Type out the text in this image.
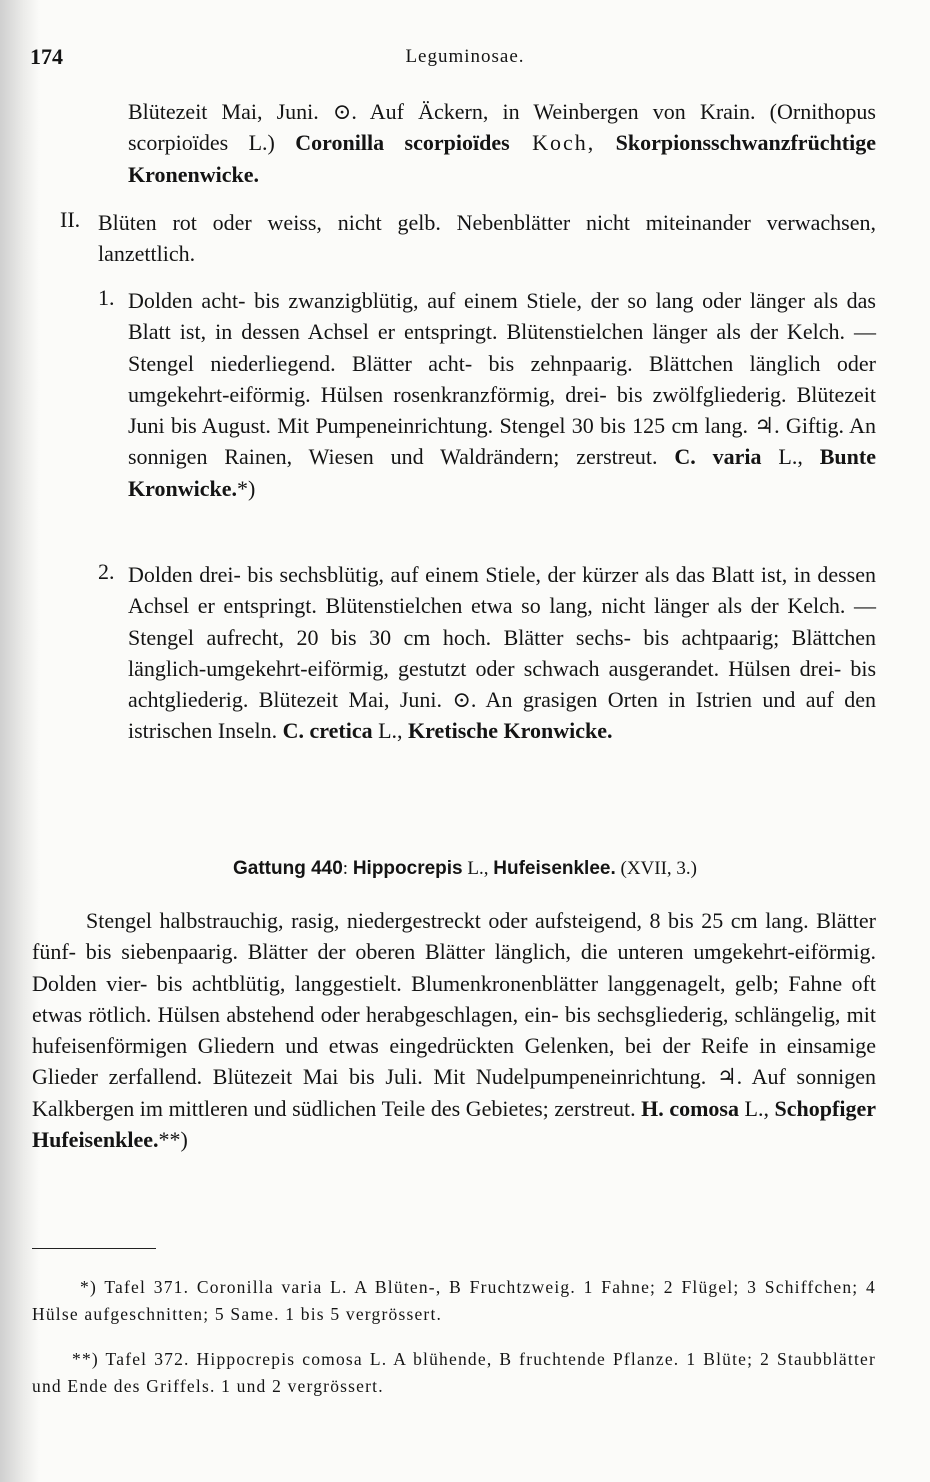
174	Leguminosae.

Blütezeit Mai, Juni. ⊙. Auf Äckern, in Weinbergen von Krain. (Ornithopus scorpioïdes L.) Coronilla scorpioïdes Koch, Skorpionsschwanzfrüchtige Kronenwicke.

II. Blüten rot oder weiss, nicht gelb. Nebenblätter nicht miteinander verwachsen, lanzettlich.

1. Dolden acht- bis zwanzigblütig, auf einem Stiele, der so lang oder länger als das Blatt ist, in dessen Achsel er entspringt. Blütenstielchen länger als der Kelch. — Stengel niederliegend. Blätter acht- bis zehnpaarig. Blättchen länglich oder umgekehrt-eiförmig. Hülsen rosenkranzförmig, drei- bis zwölfgliederig. Blütezeit Juni bis August. Mit Pumpeneinrichtung. Stengel 30 bis 125 cm lang. ♃. Giftig. An sonnigen Rainen, Wiesen und Waldrändern; zerstreut. C. varia L., Bunte Kronwicke.*)

2. Dolden drei- bis sechsblütig, auf einem Stiele, der kürzer als das Blatt ist, in dessen Achsel er entspringt. Blütenstielchen etwa so lang, nicht länger als der Kelch. — Stengel aufrecht, 20 bis 30 cm hoch. Blätter sechs- bis achtpaarig; Blättchen länglich-umgekehrt-eiförmig, gestutzt oder schwach ausgerandet. Hülsen drei- bis achtgliederig. Blütezeit Mai, Juni. ⊙. An grasigen Orten in Istrien und auf den istrischen Inseln. C. cretica L., Kretische Kronwicke.

Gattung 440: Hippocrepis L., Hufeisenklee. (XVII, 3.)

Stengel halbstrauchig, rasig, niedergestreckt oder aufsteigend, 8 bis 25 cm lang. Blätter fünf- bis siebenpaarig. Blätter der oberen Blätter länglich, die unteren umgekehrt-eiförmig. Dolden vier- bis achtblütig, langgestielt. Blumenkronenblätter langgenagelt, gelb; Fahne oft etwas rötlich. Hülsen abstehend oder herabgeschlagen, ein- bis sechsgliederig, schlängelig, mit hufeisenförmigen Gliedern und etwas eingedrückten Gelenken, bei der Reife in einsamige Glieder zerfallend. Blütezeit Mai bis Juli. Mit Nudelpumpeneinrichtung. ♃. Auf sonnigen Kalkbergen im mittleren und südlichen Teile des Gebietes; zerstreut. H. comosa L., Schopfiger Hufeisenklee.**)

*) Tafel 371. Coronilla varia L. A Blüten-, B Fruchtzweig. 1 Fahne; 2 Flügel; 3 Schiffchen; 4 Hülse aufgeschnitten; 5 Same. 1 bis 5 vergrössert.

**) Tafel 372. Hippocrepis comosa L. A blühende, B fruchtende Pflanze. 1 Blüte; 2 Staubblätter und Ende des Griffels. 1 und 2 vergrössert.
